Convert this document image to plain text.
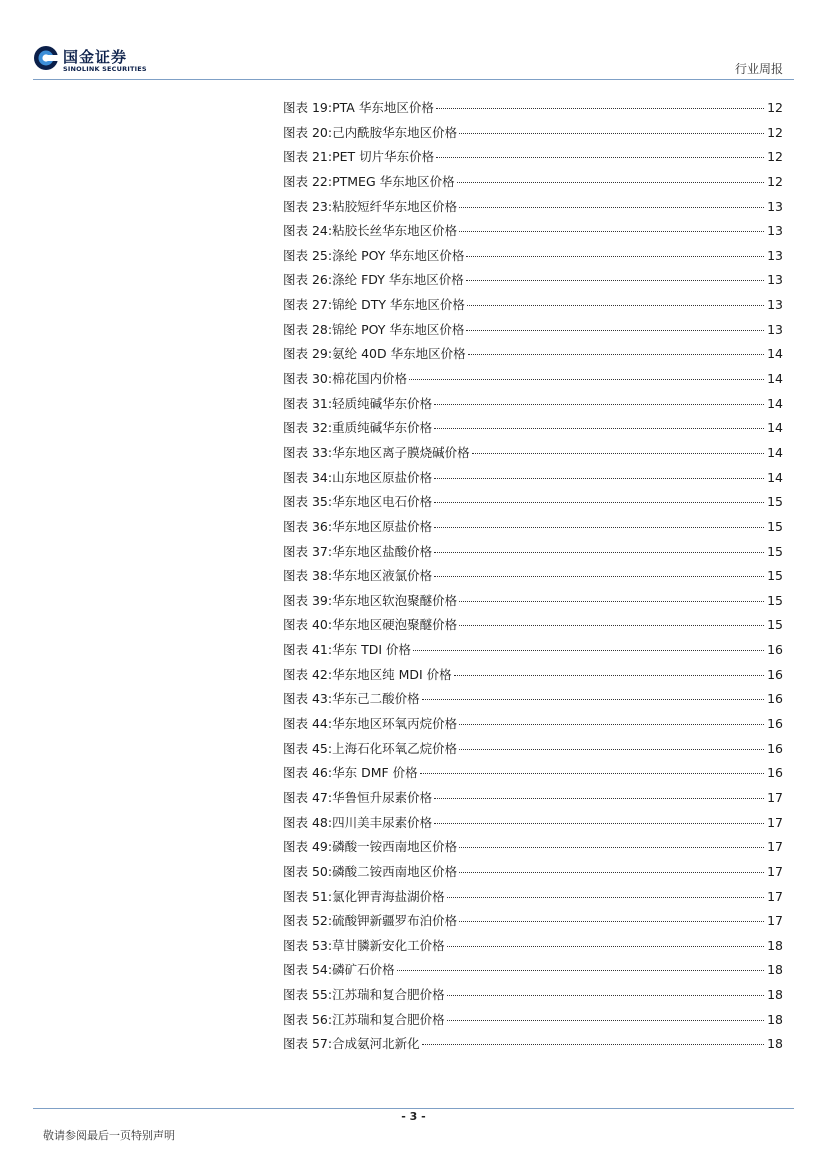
国金证券
SINOLINK SECURITIES	行业周报
图表 19: PTA 华东地区价格	12
图表 20: 己内酰胺华东地区价格	12
图表 21: PET 切片华东价格	12
图表 22: PTMEG 华东地区价格	12
图表 23: 粘胶短纤华东地区价格	13
图表 24: 粘胶长丝华东地区价格	13
图表 25: 涤纶 POY 华东地区价格	13
图表 26: 涤纶 FDY 华东地区价格	13
图表 27: 锦纶 DTY 华东地区价格	13
图表 28: 锦纶 POY 华东地区价格	13
图表 29: 氨纶 40D 华东地区价格	14
图表 30: 棉花国内价格	14
图表 31: 轻质纯碱华东价格	14
图表 32: 重质纯碱华东价格	14
图表 33: 华东地区离子膜烧碱价格	14
图表 34: 山东地区原盐价格	14
图表 35: 华东地区电石价格	15
图表 36: 华东地区原盐价格	15
图表 37: 华东地区盐酸价格	15
图表 38: 华东地区液氯价格	15
图表 39: 华东地区软泡聚醚价格	15
图表 40: 华东地区硬泡聚醚价格	15
图表 41: 华东 TDI 价格	16
图表 42: 华东地区纯 MDI 价格	16
图表 43: 华东己二酸价格	16
图表 44: 华东地区环氧丙烷价格	16
图表 45: 上海石化环氧乙烷价格	16
图表 46: 华东 DMF 价格	16
图表 47: 华鲁恒升尿素价格	17
图表 48: 四川美丰尿素价格	17
图表 49: 磷酸一铵西南地区价格	17
图表 50: 磷酸二铵西南地区价格	17
图表 51: 氯化钾青海盐湖价格	17
图表 52: 硫酸钾新疆罗布泊价格	17
图表 53: 草甘膦新安化工价格	18
图表 54: 磷矿石价格	18
图表 55: 江苏瑞和复合肥价格	18
图表 56: 江苏瑞和复合肥价格	18
图表 57: 合成氨河北新化	18
- 3 -
敬请参阅最后一页特别声明
